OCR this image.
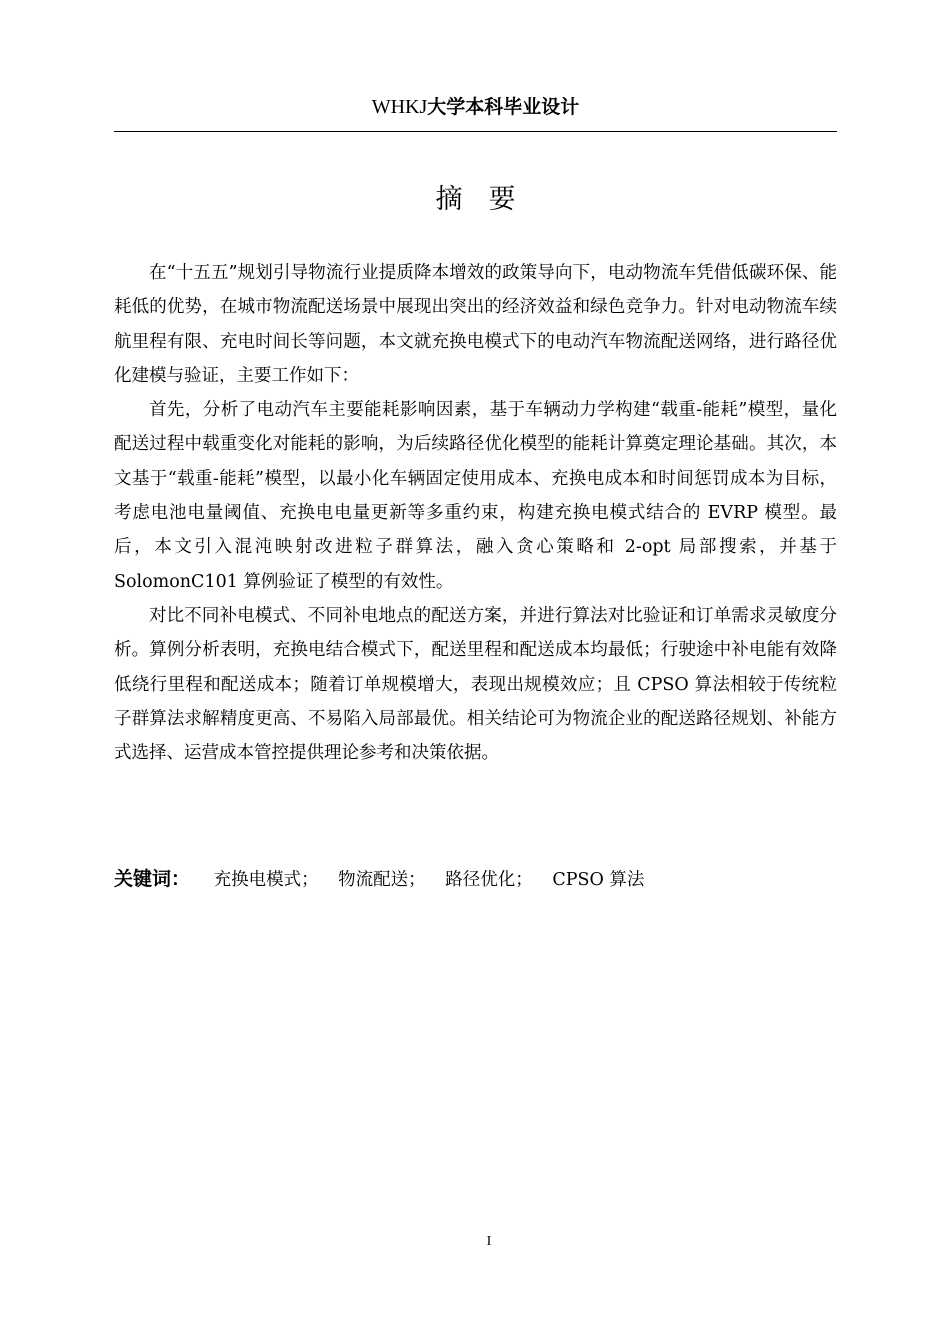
WHKJ大学本科毕业设计
摘要

在“十五五”规划引导物流行业提质降本增效的政策导向下，电动物流车凭借低碳环保、能耗低的优势，在城市物流配送场景中展现出突出的经济效益和绿色竞争力。针对电动物流车续航里程有限、充电时间长等问题，本文就充换电模式下的电动汽车物流配送网络，进行路径优化建模与验证，主要工作如下：

首先，分析了电动汽车主要能耗影响因素，基于车辆动力学构建“载重-能耗”模型，量化配送过程中载重变化对能耗的影响，为后续路径优化模型的能耗计算奠定理论基础。其次，本文基于“载重-能耗”模型，以最小化车辆固定使用成本、充换电成本和时间惩罚成本为目标，考虑电池电量阈值、充换电电量更新等多重约束，构建充换电模式结合的 EVRP 模型。最后，本文引入混沌映射改进粒子群算法，融入贪心策略和 2-opt 局部搜索，并基于 SolomonC101 算例验证了模型的有效性。

对比不同补电模式、不同补电地点的配送方案，并进行算法对比验证和订单需求灵敏度分析。算例分析表明，充换电结合模式下，配送里程和配送成本均最低；行驶途中补电能有效降低绕行里程和配送成本；随着订单规模增大，表现出规模效应；且 CPSO 算法相较于传统粒子群算法求解精度更高、不易陷入局部最优。相关结论可为物流企业的配送路径规划、补能方式选择、运营成本管控提供理论参考和决策依据。

关键词： 充换电模式； 物流配送； 路径优化； CPSO 算法
I
